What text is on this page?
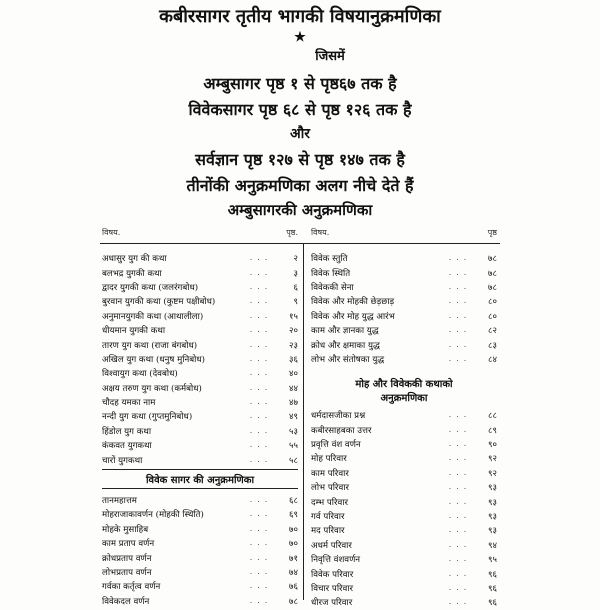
कबीरसागर तृतीय भागकी विषयानुक्रमणिका
★
जिसमें
अम्बुसागर पृष्ठ १ से पृष्ठ६७ तक है
विवेकसागर पृष्ठ ६८ से पृष्ठ १२६ तक है
और
सर्वज्ञान पृष्ठ १२७ से पृष्ठ १४७ तक है
तीनोंकी अनुक्रमणिका अलग नीचे देते हैं
अम्बुसागरकी अनुक्रमणिका
विषय.	पृष्ठ.
अधासुर युग की कथा	. . .	२
बलभद्र युगकी कथा	. . .	३
द्वादर युगकी कथा (जलरंगबोध)	. . .	६
बुरवान युगकी कथा (कुष्टम पक्षीबोध)	. . .	९
अनुमानयुगकी कथा (आथालीला)	. . .	१५
धीयमान युगकी कथा	. . .	२०
तारण युग कथा (राजा बंगबोध)	. . .	२३
अखिल युग कथा (धनुष मुनिबोध)	. . .	३६
विश्वायुग कथा (देवबोध)	. . .	४०
अक्षय तरुण युग कथा (कर्मबोध)	. . .	४४
चौदह यमका नाम	. . .	४७
नन्दी युग कथा (गुप्तमुनिबोध)	. . .	४९
हिंडोल युग कथा	. . .	५३
कंकवत युगकथा	. . .	५५
चारों युगकथा	. . .	५८
विवेक सागर की अनुक्रमणिका
तानमहात्तम	. . .	६८
मोहराजाकावर्णन (मोहकी स्थिति)	. . .	६९
मोहके मुसाहिब	. . .	७०
काम प्रताप वर्णन	. . .	७०
क्रोधप्रताप वर्णन	. . .	७१
लोभप्रताप वर्णन	. . .	७४
गर्वका कर्तृत्व वर्णन	. . .	७६
विवेकदल वर्णन	. . .	७८
विषय.	पृष्ठ
विवेक स्तुति	. . .	७८
विवेक स्थिति	. . .	७८
विवेककी सेना	. . .	७८
विवेक और मोहकी छेड़छाड़	. . .	८०
विवेक और मोह युद्ध आरंभ	. . .	८०
काम और ज्ञानका युद्ध	. . .	८२
क्रोध और क्षमाका युद्ध	. . .	८३
लोभ और संतोषका युद्ध	. . .	८४
मोह और विवेककी कथाको
अनुक्रमणिका
धर्मदासजीका प्रश्न	. . .	८८
कबीरसाहबका उत्तर	. . .	८९
प्रवृत्ति वंश वर्णन	. . .	९०
मोह परिवार	. . .	९२
काम परिवार	. . .	९२
लोभ परिवार	. . .	९३
दम्भ परिवार	. . .	९३
गर्व परिवार	. . .	९३
मद परिवार	. . .	९३
अधर्म परिवार	. . .	९४
निवृत्ति वंशवर्णन	. . .	९५
विवेक परिवार	. . .	९६
विचार परिवार	. . .	९६
धीरज परिवार	. . .	९६
